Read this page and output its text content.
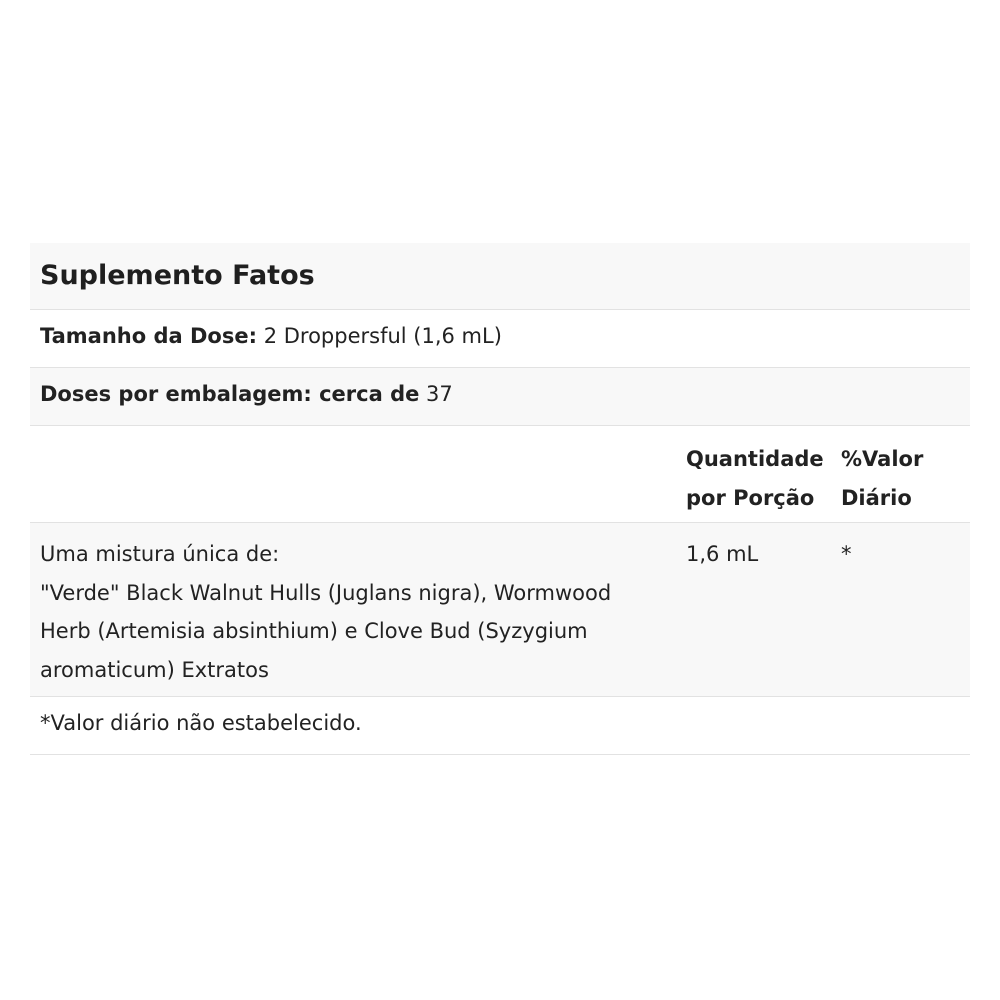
Suplemento Fatos
Tamanho da Dose: 2 Droppersful (1,6 mL)
Doses por embalagem: cerca de 37
Quantidade
por Porção
%Valor
Diário
Uma mistura única de:
"Verde" Black Walnut Hulls (Juglans nigra), Wormwood
Herb (Artemisia absinthium) e Clove Bud (Syzygium
aromaticum) Extratos
1,6 mL	*
*Valor diário não estabelecido.
